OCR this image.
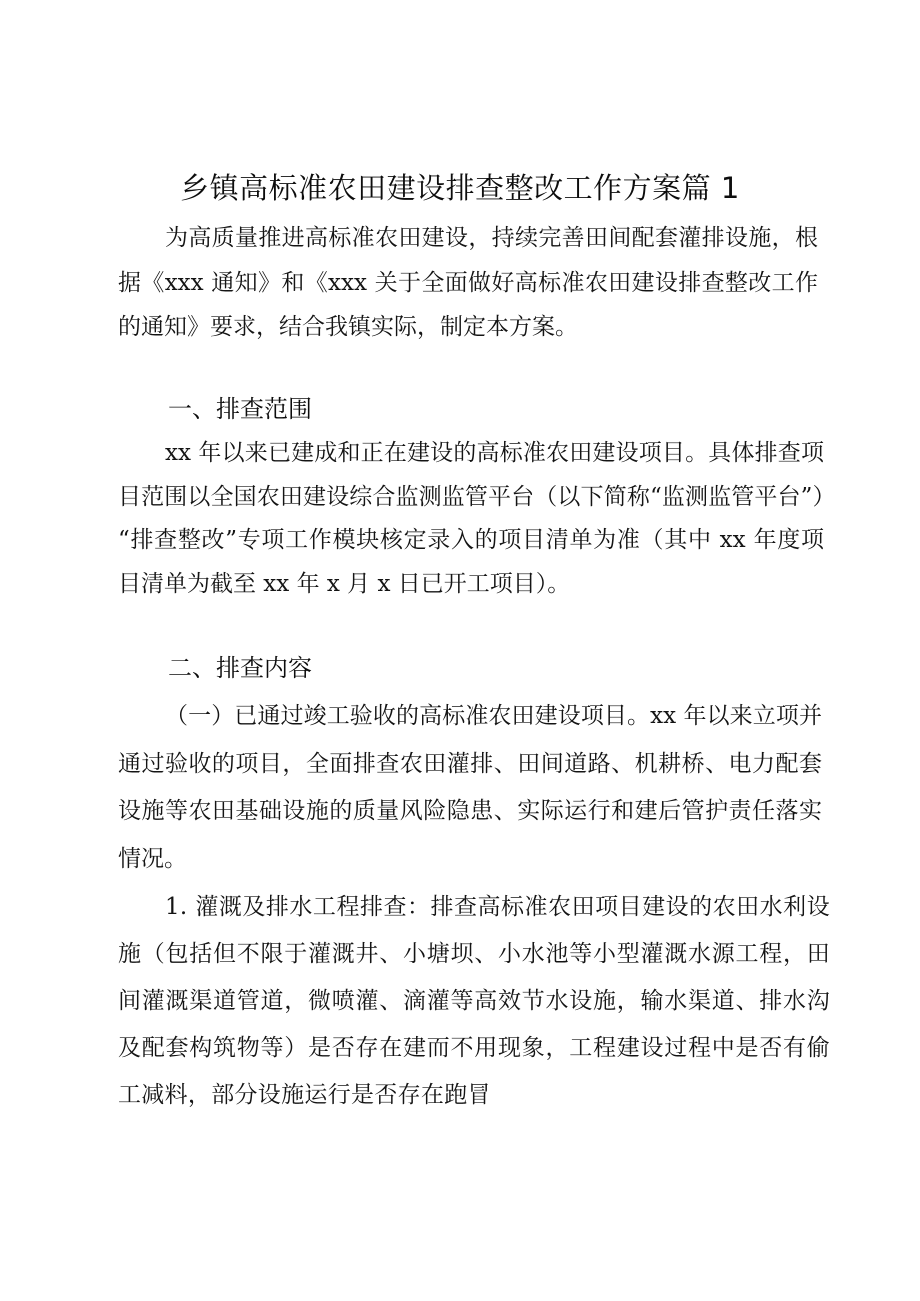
乡镇高标准农田建设排查整改工作方案篇 1

为高质量推进高标准农田建设，持续完善田间配套灌排设施，根据《xxx 通知》和《xxx 关于全面做好高标准农田建设排查整改工作的通知》要求，结合我镇实际，制定本方案。

一、排查范围

xx 年以来已建成和正在建设的高标准农田建设项目。具体排查项目范围以全国农田建设综合监测监管平台（以下简称“监测监管平台”）“排查整改”专项工作模块核定录入的项目清单为准（其中 xx 年度项目清单为截至 xx 年 x 月 x 日已开工项目）。

二、排查内容

（一）已通过竣工验收的高标准农田建设项目。xx 年以来立项并通过验收的项目，全面排查农田灌排、田间道路、机耕桥、电力配套设施等农田基础设施的质量风险隐患、实际运行和建后管护责任落实情况。

1. 灌溉及排水工程排查：排查高标准农田项目建设的农田水利设施（包括但不限于灌溉井、小塘坝、小水池等小型灌溉水源工程，田间灌溉渠道管道，微喷灌、滴灌等高效节水设施，输水渠道、排水沟及配套构筑物等）是否存在建而不用现象，工程建设过程中是否有偷工减料，部分设施运行是否存在跑冒
